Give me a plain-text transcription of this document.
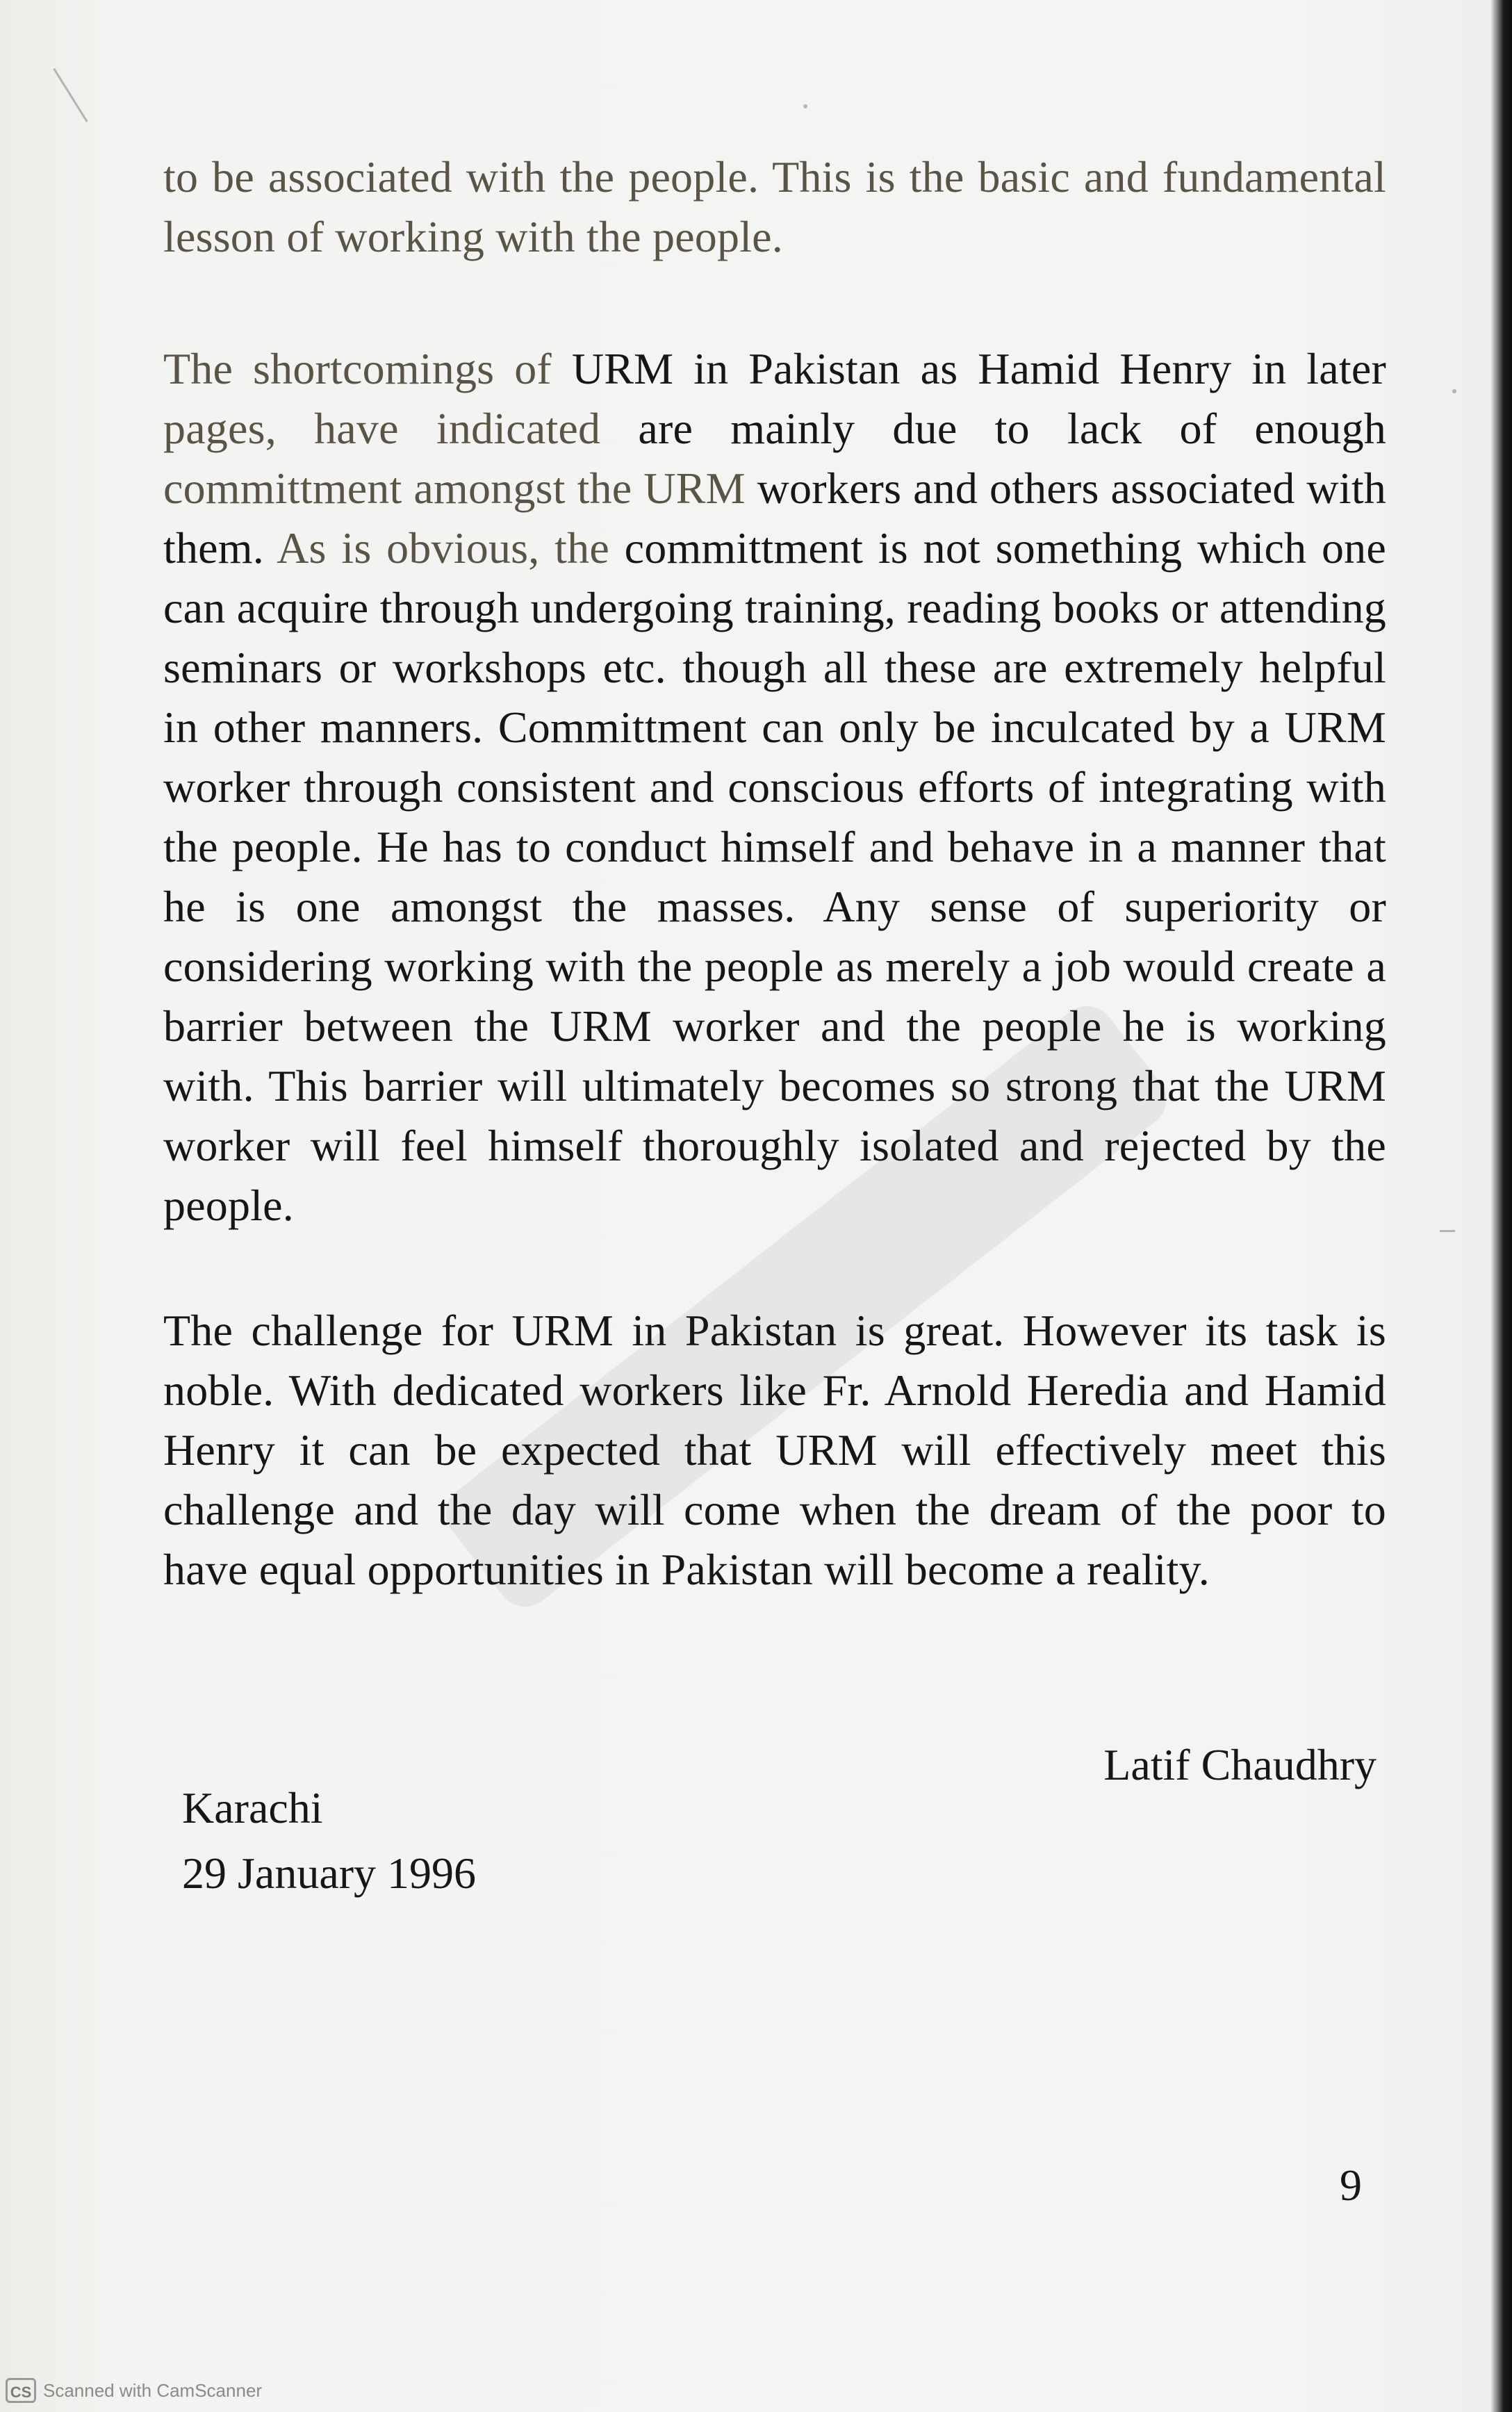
to be associated with the people. This is the basic and fundamental lesson of working with the people.

The shortcomings of URM in Pakistan as Hamid Henry in later pages, have indicated are mainly due to lack of enough committment amongst the URM workers and others associated with them. As is obvious, the committment is not something which one can acquire through undergoing training, reading books or attending seminars or workshops etc. though all these are extremely helpful in other manners. Committment can only be inculcated by a URM worker through consistent and conscious efforts of integrating with the people. He has to conduct himself and behave in a manner that he is one amongst the masses. Any sense of superiority or considering working with the people as merely a job would create a barrier between the URM worker and the people he is working with. This barrier will ultimately becomes so strong that the URM worker will feel himself thoroughly isolated and rejected by the people.

The challenge for URM in Pakistan is great. However its task is noble. With dedicated workers like Fr. Arnold Heredia and Hamid Henry it can be expected that URM will effectively meet this challenge and the day will come when the dream of the poor to have equal opportunities in Pakistan will become a reality.

Latif Chaudhry
Karachi
29 January 1996
9
CS Scanned with CamScanner
